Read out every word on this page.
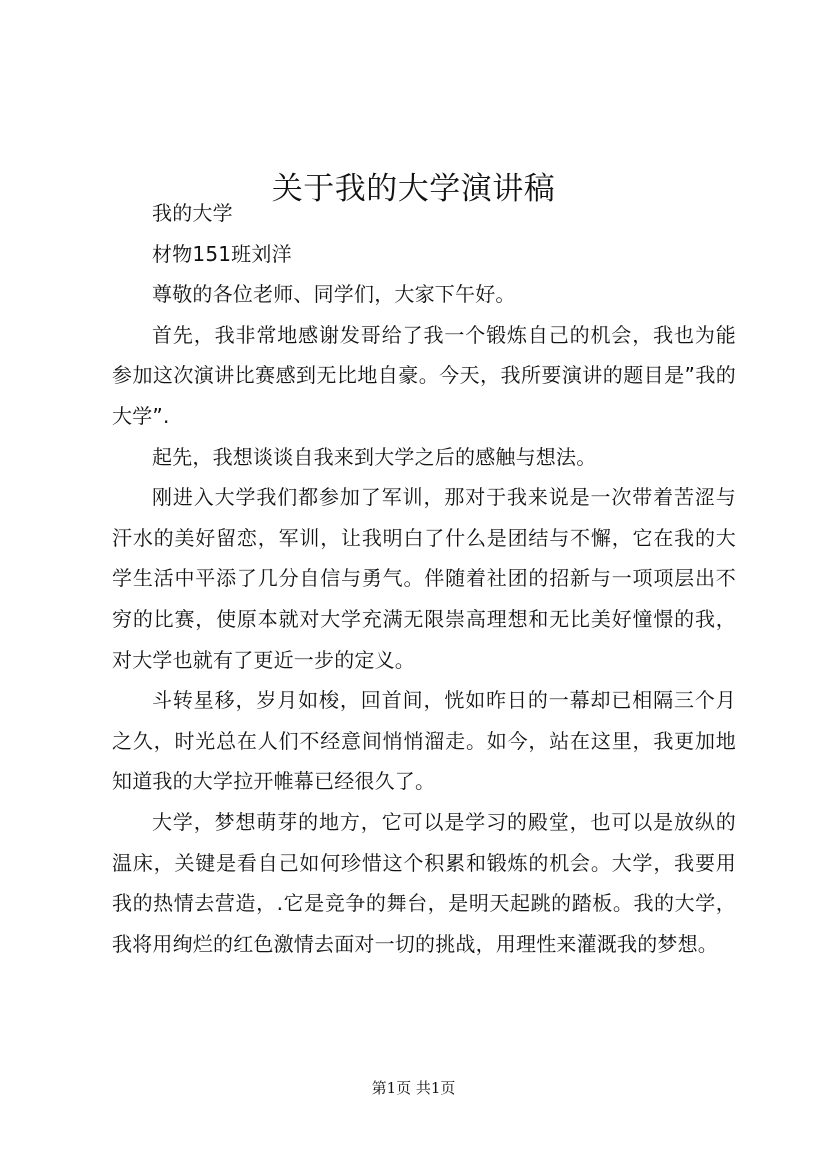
关于我的大学演讲稿

我的大学

材物151班刘洋

尊敬的各位老师、同学们，大家下午好。

首先，我非常地感谢发哥给了我一个锻炼自己的机会，我也为能参加这次演讲比赛感到无比地自豪。今天，我所要演讲的题目是”我的大学”.

起先，我想谈谈自我来到大学之后的感触与想法。

刚进入大学我们都参加了军训，那对于我来说是一次带着苦涩与汗水的美好留恋，军训，让我明白了什么是团结与不懈，它在我的大学生活中平添了几分自信与勇气。伴随着社团的招新与一项项层出不穷的比赛，使原本就对大学充满无限崇高理想和无比美好憧憬的我，对大学也就有了更近一步的定义。

斗转星移，岁月如梭，回首间，恍如昨日的一幕却已相隔三个月之久，时光总在人们不经意间悄悄溜走。如今，站在这里，我更加地知道我的大学拉开帷幕已经很久了。

大学，梦想萌芽的地方，它可以是学习的殿堂，也可以是放纵的温床，关键是看自己如何珍惜这个积累和锻炼的机会。大学，我要用我的热情去营造，.它是竞争的舞台，是明天起跳的踏板。我的大学，我将用绚烂的红色激情去面对一切的挑战，用理性来灌溉我的梦想。

第1页 共1页
